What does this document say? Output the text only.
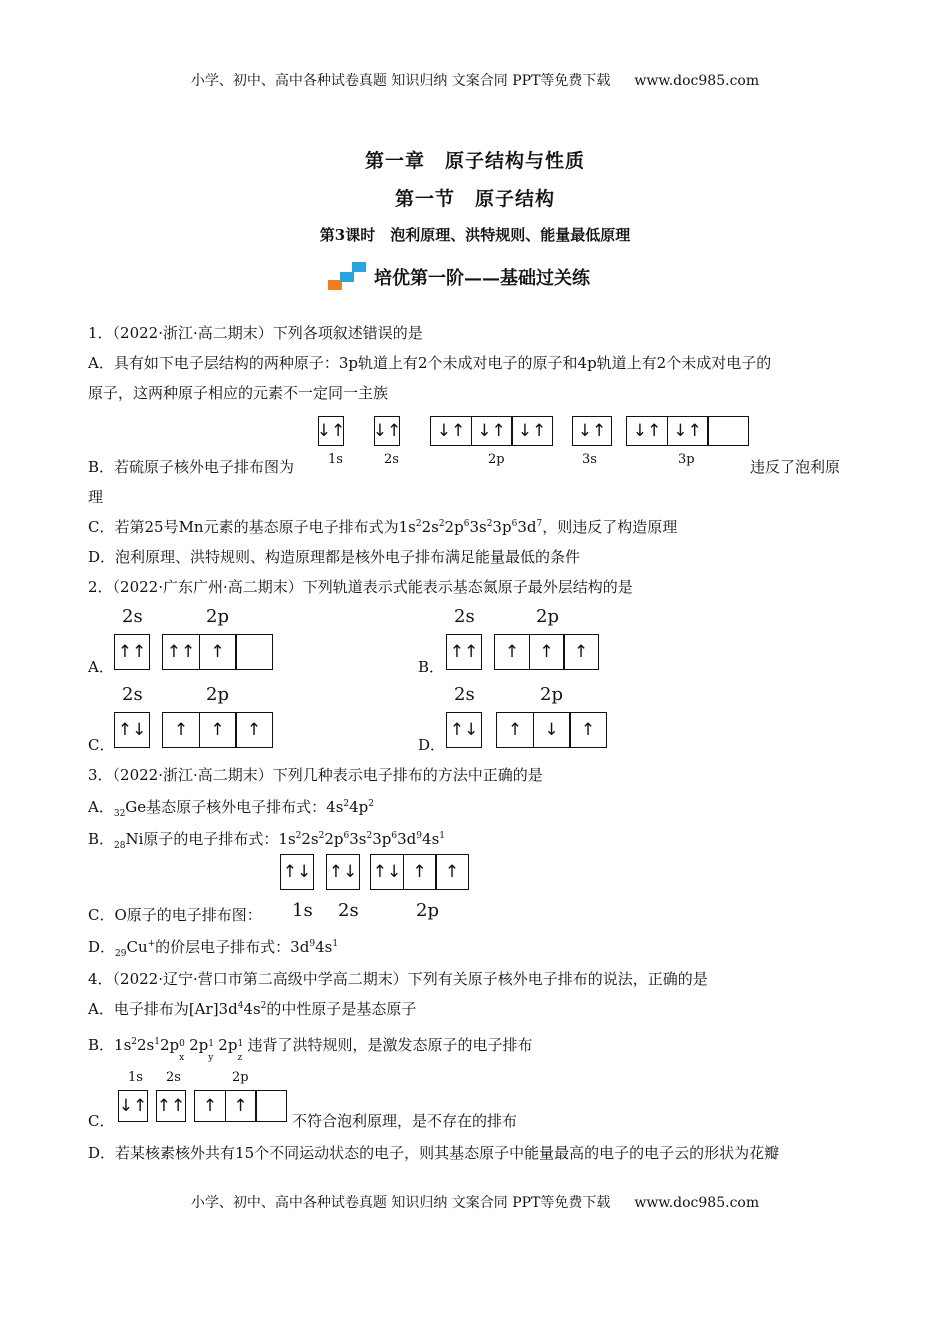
小学、初中、高中各种试卷真题 知识归纳 文案合同 PPT等免费下载 www.doc985.com
第一章　原子结构与性质
第一节　原子结构
第3课时　泡利原理、洪特规则、能量最低原理
培优第一阶——基础过关练
1．（2022·浙江·高二期末）下列各项叙述错误的是
A．具有如下电子层结构的两种原子：3p轨道上有2个未成对电子的原子和4p轨道上有2个未成对电子的
原子，这两种原子相应的元素不一定同一主族
↓↑ ↓↑ ↓↑ ↓↑ ↓↑ ↓↑ ↓↑ ↓↑
1s	2s	2p	3s	3p
B．若硫原子核外电子排布图为	违反了泡利原
理
C．若第25号Mn元素的基态原子电子排布式为$1s^22s^22p^63s^23p^63d^7$，则违反了构造原理
D．泡利原理、洪特规则、构造原理都是核外电子排布满足能量最低的条件
2．（2022·广东广州·高二期末）下列轨道表示式能表示基态氮原子最外层结构的是
A．
2s	2p
↑↑ ↑↑ ↑
B．
2s	2p
↑↑ ↑ ↑ ↑
C．
2s	2p
↑↓ ↑ ↑ ↑
D．
2s	2p
↑↓ ↑ ↓ ↑
3．（2022·浙江·高二期末）下列几种表示电子排布的方法中正确的是
A．$_{32}$Ge基态原子核外电子排布式：$4s^24p^2$
B．$_{28}$Ni原子的电子排布式：$1s^22s^22p^63s^23p^63d^94s^1$
↑↓ ↑↓ ↑↓ ↑ ↑
1s 2s	2p
C．O原子的电子排布图：
D．$_{29}$Cu+的价层电子排布式：$3d^94s^1$
4．（2022·辽宁·营口市第二高级中学高二期末）下列有关原子核外电子排布的说法，正确的是
A．电子排布为$[Ar]3d^44s^2$的中性原子是基态原子
B．$1s^22s^12p$ 0
x
2p 1
y
2p 1
z
违背了洪特规则，是激发态原子的电子排布
1s 2s	2p
↓↑ ↑↑ ↑ ↑
C．	不符合泡利原理，是不存在的排布
D．若某核素核外共有15个不同运动状态的电子，则其基态原子中能量最高的电子的电子云的形状为花瓣
小学、初中、高中各种试卷真题 知识归纳 文案合同 PPT等免费下载 www.doc985.com
